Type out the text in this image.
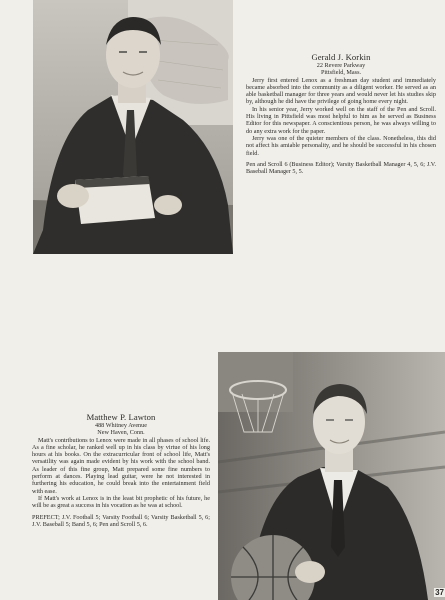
Gerald J. Korkin
22 Revere Parkway
Pittsfield, Mass.

Jerry first entered Lenox as a freshman day student and immediately became absorbed into the community as a diligent worker. He served as an able basketball manager for three years and would never let his studies skip by, although he did have the privilege of going home every night.

In his senior year, Jerry worked well on the staff of the Pen and Scroll. His living in Pittsfield was most helpful to him as he served as Business Editor for this newspaper. A conscientious person, he was always willing to do any extra work for the paper.

Jerry was one of the quieter members of the class. Nonetheless, this did not affect his amiable personality, and he should be successful in his chosen field.

Pen and Scroll 6 (Business Editor); Varsity Basketball Manager 4, 5, 6; J.V. Baseball Manager 5, 5.

Matthew P. Lawton
488 Whitney Avenue
New Haven, Conn.

Matt's contributions to Lenox were made in all phases of school life. As a fine scholar, he ranked well up in his class by virtue of his long hours at his books. On the extracurricular front of school life, Matt's versatility was again made evident by his work with the school band. As leader of this fine group, Matt prepared some fine numbers to perform at dances. Playing lead guitar, were he not interested in furthering his education, he could break into the entertainment field with ease.

If Matt's work at Lenox is in the least bit prophetic of his future, he will be as great a success in his vocation as he was at school.

PREFECT; J.V. Football 5; Varsity Football 6; Varsity Basketball 5, 6; J.V. Baseball 5; Band 5, 6; Pen and Scroll 5, 6.

37
